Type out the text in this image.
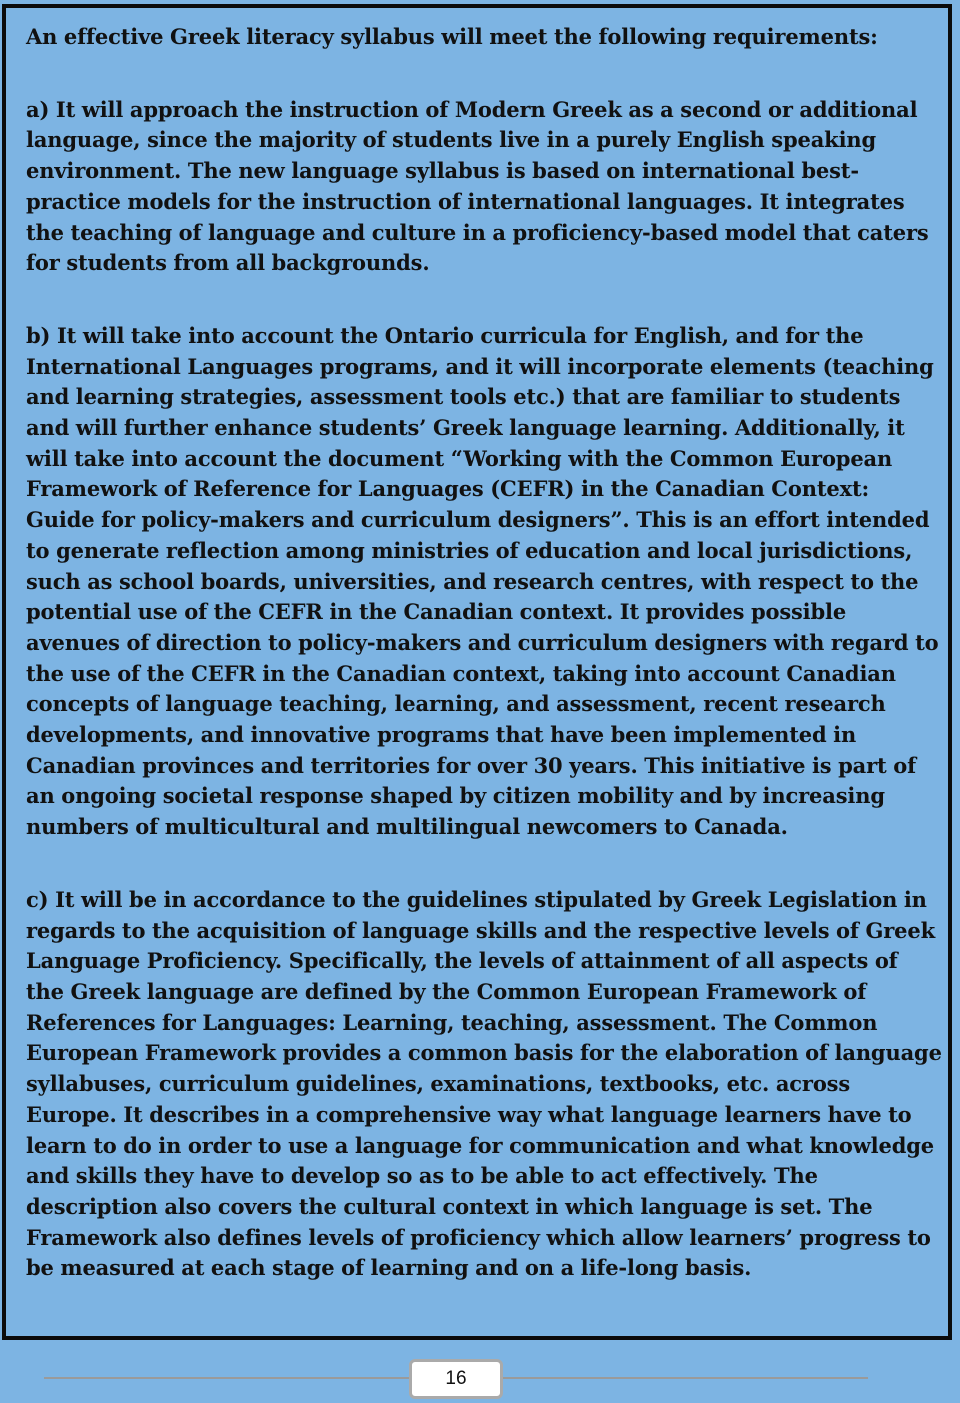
An effective Greek literacy syllabus will meet the following requirements:

a) It will approach the instruction of Modern Greek as a second or additional language, since the majority of students live in a purely English speaking environment. The new language syllabus is based on international best-practice models for the instruction of international languages. It integrates the teaching of language and culture in a proficiency-based model that caters for students from all backgrounds.

b) It will take into account the Ontario curricula for English, and for the International Languages programs, and it will incorporate elements (teaching and learning strategies, assessment tools etc.) that are familiar to students and will further enhance students’ Greek language learning. Additionally, it will take into account the document “Working with the Common European Framework of Reference for Languages (CEFR) in the Canadian Context: Guide for policy-makers and curriculum designers”. This is an effort intended to generate reflection among ministries of education and local jurisdictions, such as school boards, universities, and research centres, with respect to the potential use of the CEFR in the Canadian context. It provides possible avenues of direction to policy-makers and curriculum designers with regard to the use of the CEFR in the Canadian context, taking into account Canadian concepts of language teaching, learning, and assessment, recent research developments, and innovative programs that have been implemented in Canadian provinces and territories for over 30 years. This initiative is part of an ongoing societal response shaped by citizen mobility and by increasing numbers of multicultural and multilingual newcomers to Canada.

c) It will be in accordance to the guidelines stipulated by Greek Legislation in regards to the acquisition of language skills and the respective levels of Greek Language Proficiency. Specifically, the levels of attainment of all aspects of the Greek language are defined by the Common European Framework of References for Languages: Learning, teaching, assessment. The Common European Framework provides a common basis for the elaboration of language syllabuses, curriculum guidelines, examinations, textbooks, etc. across Europe. It describes in a comprehensive way what language learners have to learn to do in order to use a language for communication and what knowledge and skills they have to develop so as to be able to act effectively. The description also covers the cultural context in which language is set. The Framework also defines levels of proficiency which allow learners’ progress to be measured at each stage of learning and on a life-long basis.

16
